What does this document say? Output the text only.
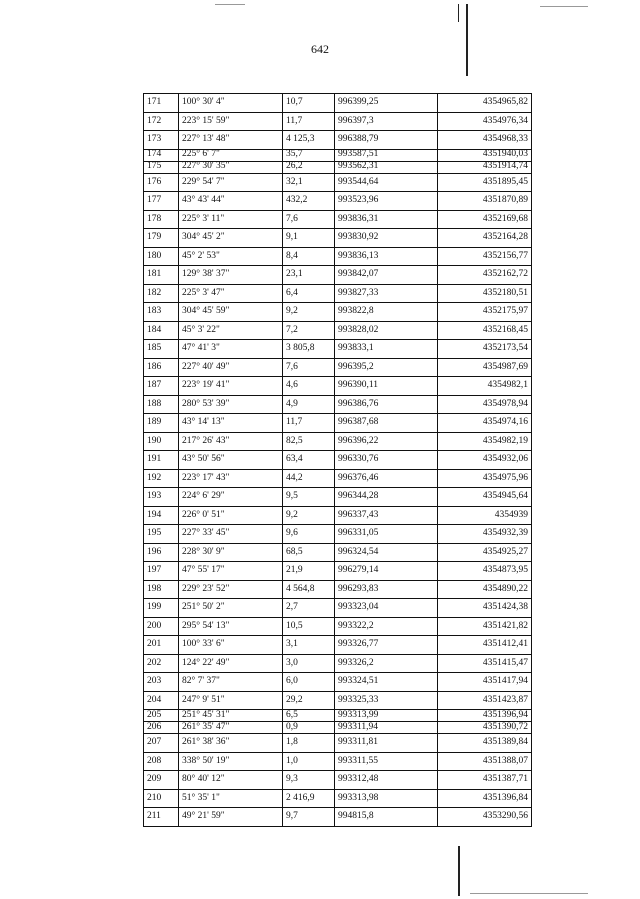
642
171	100° 30' 4"	10,7	996399,25	4354965,82
172	223° 15' 59"	11,7	996397,3	4354976,34
173	227° 13' 48"	4 125,3	996388,79	4354968,33
174	225° 6' 7"	35,7	993587,51	4351940,03
175	227° 30' 35"	26,2	993562,31	4351914,74
176	229° 54' 7"	32,1	993544,64	4351895,45
177	43° 43' 44"	432,2	993523,96	4351870,89
178	225° 3' 11"	7,6	993836,31	4352169,68
179	304° 45' 2"	9,1	993830,92	4352164,28
180	45° 2' 53"	8,4	993836,13	4352156,77
181	129° 38' 37"	23,1	993842,07	4352162,72
182	225° 3' 47"	6,4	993827,33	4352180,51
183	304° 45' 59"	9,2	993822,8	4352175,97
184	45° 3' 22"	7,2	993828,02	4352168,45
185	47° 41' 3"	3 805,8	993833,1	4352173,54
186	227° 40' 49"	7,6	996395,2	4354987,69
187	223° 19' 41"	4,6	996390,11	4354982,1
188	280° 53' 39"	4,9	996386,76	4354978,94
189	43° 14' 13"	11,7	996387,68	4354974,16
190	217° 26' 43"	82,5	996396,22	4354982,19
191	43° 50' 56"	63,4	996330,76	4354932,06
192	223° 17' 43"	44,2	996376,46	4354975,96
193	224° 6' 29"	9,5	996344,28	4354945,64
194	226° 0' 51"	9,2	996337,43	4354939
195	227° 33' 45"	9,6	996331,05	4354932,39
196	228° 30' 9"	68,5	996324,54	4354925,27
197	47° 55' 17"	21,9	996279,14	4354873,95
198	229° 23' 52"	4 564,8	996293,83	4354890,22
199	251° 50' 2"	2,7	993323,04	4351424,38
200	295° 54' 13"	10,5	993322,2	4351421,82
201	100° 33' 6"	3,1	993326,77	4351412,41
202	124° 22' 49"	3,0	993326,2	4351415,47
203	82° 7' 37"	6,0	993324,51	4351417,94
204	247° 9' 51"	29,2	993325,33	4351423,87
205	251° 45' 31"	6,5	993313,99	4351396,94
206	261° 35' 47"	0,9	993311,94	4351390,72
207	261° 38' 36"	1,8	993311,81	4351389,84
208	338° 50' 19"	1,0	993311,55	4351388,07
209	80° 40' 12"	9,3	993312,48	4351387,71
210	51° 35' 1"	2 416,9	993313,98	4351396,84
211	49° 21' 59"	9,7	994815,8	4353290,56
